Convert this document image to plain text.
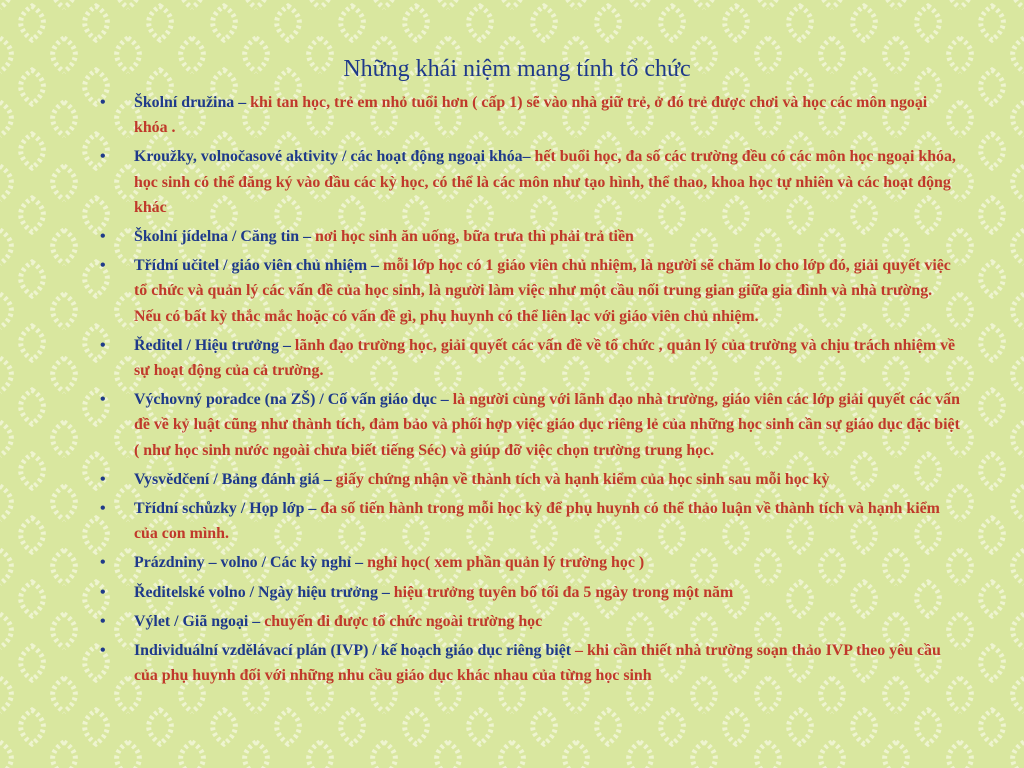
Những khái niệm mang tính tổ chức
• Školní družina – khi tan học, trẻ em nhỏ tuổi hơn ( cấp 1) sẽ vào nhà giữ trẻ, ở đó trẻ được chơi và học các môn ngoại khóa .
• Kroužky, volnočasové aktivity / các hoạt động ngoại khóa– hết buổi học, đa số các trường đều có các môn học ngoại khóa, học sinh có thể đăng ký vào đầu các kỳ học, có thể là các môn như tạo hình, thể thao, khoa học tự nhiên và các hoạt động khác
• Školní jídelna / Căng tin – nơi học sinh ăn uống, bữa trưa thì phải trả tiền
• Třídní učitel / giáo viên chủ nhiệm – mỗi lớp học có 1 giáo viên chủ nhiệm, là người sẽ chăm lo cho lớp đó, giải quyết việc tổ chức và quản lý các vấn đề của học sinh, là người làm việc như một cầu nối trung gian giữa gia đình và nhà trường. Nếu có bất kỳ thắc mắc hoặc có vấn đề gì, phụ huynh có thể liên lạc với giáo viên chủ nhiệm.
• Ředitel / Hiệu trưởng – lãnh đạo trường học, giải quyết các vấn đề về tổ chức , quản lý của trường và chịu trách nhiệm về sự hoạt động của cả trường.
• Výchovný poradce (na ZŠ) / Cố vấn giáo dục – là người cùng với lãnh đạo nhà trường, giáo viên các lớp giải quyết các vấn đề về kỷ luật cũng như thành tích, đảm bảo và phối hợp việc giáo dục riêng lẻ của những học sinh cần sự giáo dục đặc biệt ( như học sinh nước ngoài chưa biết tiếng Séc) và giúp đỡ việc chọn trường trung học.
• Vysvědčení / Bảng đánh giá – giấy chứng nhận về thành tích và hạnh kiểm của học sinh sau mỗi học kỳ
• Třídní schůzky / Họp lớp – đa số tiến hành trong mỗi học kỳ để phụ huynh có thể thảo luận về thành tích và hạnh kiểm của con mình.
• Prázdniny – volno / Các kỳ nghỉ – nghỉ học( xem phần quản lý trường học )
• Ředitelské volno / Ngày hiệu trưởng – hiệu trưởng tuyên bố tối đa 5 ngày trong một năm
• Výlet / Giã ngoại – chuyến đi được tổ chức ngoài trường học
• Individuální vzdělávací plán (IVP) / kế hoạch giáo dục riêng biệt – khi cần thiết nhà trường soạn thảo IVP theo yêu cầu của phụ huynh đối với những nhu cầu giáo dục khác nhau của từng học sinh
